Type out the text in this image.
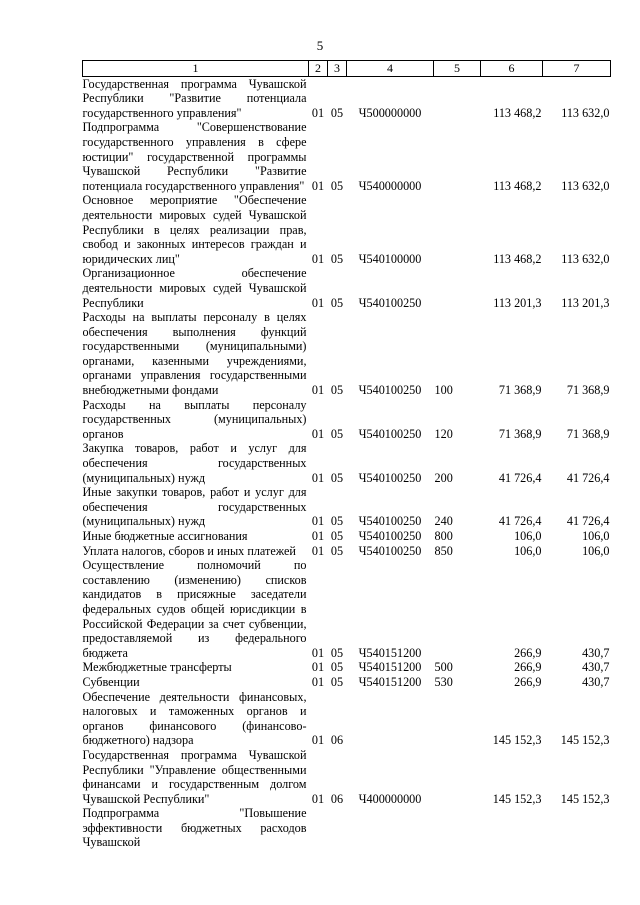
5
1	2	3	4	5	6	7
Государственная программа Чувашской Республики "Развитие потенциала государственного управления"	01	05	Ч500000000		113 468,2	113 632,0
Подпрограмма "Совершенствование государственного управления в сфере юстиции" государственной программы Чувашской Республики "Развитие потенциала государственного управления"	01	05	Ч540000000		113 468,2	113 632,0
Основное мероприятие "Обеспечение деятельности мировых судей Чувашской Республики в целях реализации прав, свобод и законных интересов граждан и юридических лиц"	01	05	Ч540100000		113 468,2	113 632,0
Организационное обеспечение деятельности мировых судей Чувашской Республики	01	05	Ч540100250		113 201,3	113 201,3
Расходы на выплаты персоналу в целях обеспечения выполнения функций государственными (муниципальными) органами, казенными учреждениями, органами управления государственными внебюджетными фондами	01	05	Ч540100250	100	71 368,9	71 368,9
Расходы на выплаты персоналу государственных (муниципальных) органов	01	05	Ч540100250	120	71 368,9	71 368,9
Закупка товаров, работ и услуг для обеспечения государственных (муниципальных) нужд	01	05	Ч540100250	200	41 726,4	41 726,4
Иные закупки товаров, работ и услуг для обеспечения государственных (муниципальных) нужд	01	05	Ч540100250	240	41 726,4	41 726,4
Иные бюджетные ассигнования	01	05	Ч540100250	800	106,0	106,0
Уплата налогов, сборов и иных платежей	01	05	Ч540100250	850	106,0	106,0
Осуществление полномочий по составлению (изменению) списков кандидатов в присяжные заседатели федеральных судов общей юрисдикции в Российской Федерации за счет субвенции, предоставляемой из федерального бюджета	01	05	Ч540151200		266,9	430,7
Межбюджетные трансферты	01	05	Ч540151200	500	266,9	430,7
Субвенции	01	05	Ч540151200	530	266,9	430,7
Обеспечение деятельности финансовых, налоговых и таможенных органов и органов финансового (финансово-бюджетного) надзора	01	06			145 152,3	145 152,3
Государственная программа Чувашской Республики "Управление общественными финансами и государственным долгом Чувашской Республики"	01	06	Ч400000000		145 152,3	145 152,3
Подпрограмма "Повышение эффективности бюджетных расходов Чувашской						
